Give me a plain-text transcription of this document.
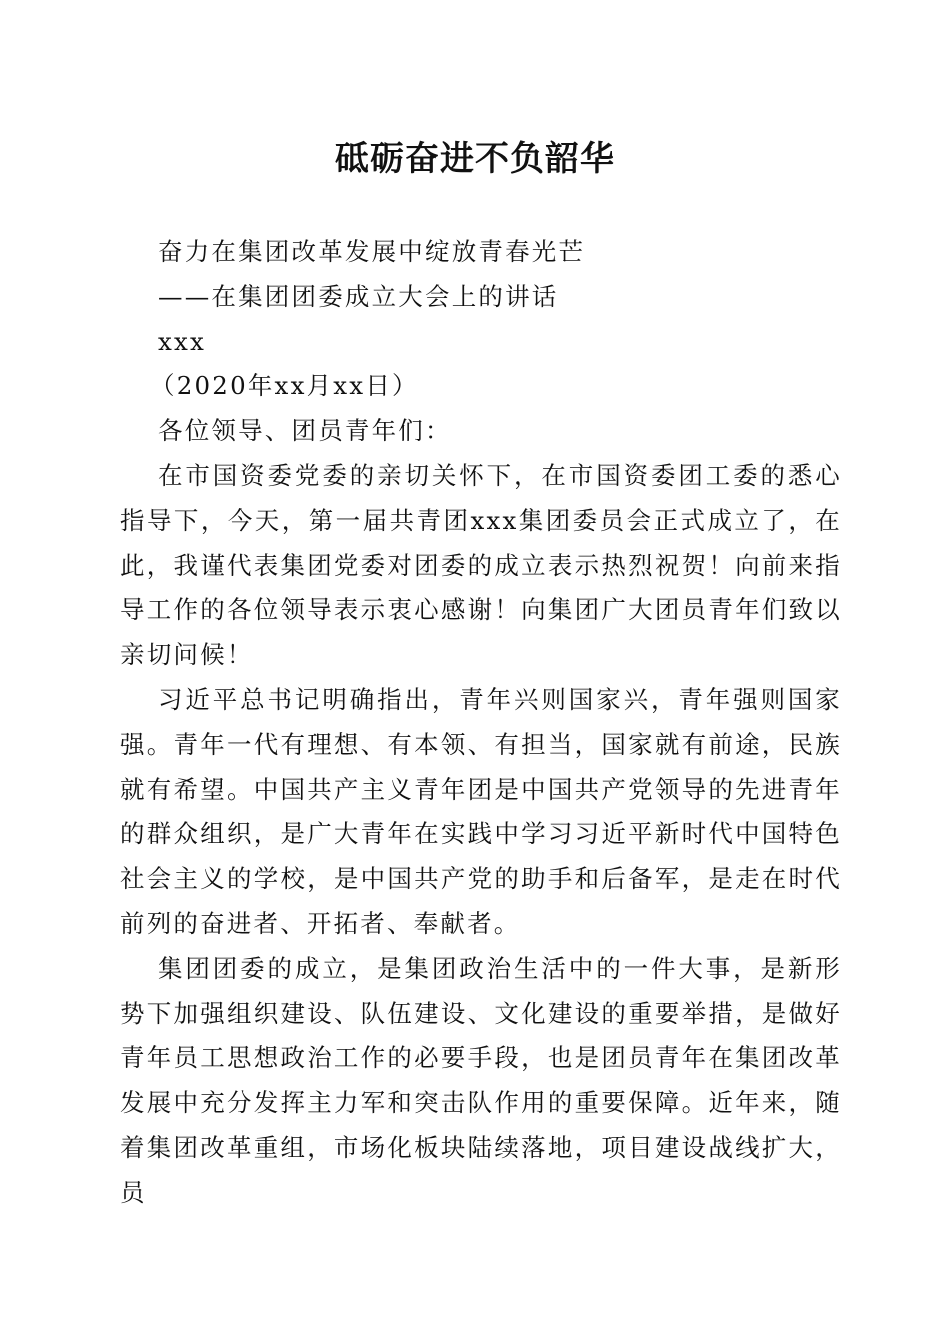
砥砺奋进不负韶华

奋力在集团改革发展中绽放青春光芒

——在集团团委成立大会上的讲话

xxx

（2020年xx月xx日）

各位领导、团员青年们：

在市国资委党委的亲切关怀下，在市国资委团工委的悉心指导下，今天，第一届共青团xxx集团委员会正式成立了，在此，我谨代表集团党委对团委的成立表示热烈祝贺！向前来指导工作的各位领导表示衷心感谢！向集团广大团员青年们致以亲切问候！

习近平总书记明确指出，青年兴则国家兴，青年强则国家强。青年一代有理想、有本领、有担当，国家就有前途，民族就有希望。中国共产主义青年团是中国共产党领导的先进青年的群众组织，是广大青年在实践中学习习近平新时代中国特色社会主义的学校，是中国共产党的助手和后备军，是走在时代前列的奋进者、开拓者、奉献者。

集团团委的成立，是集团政治生活中的一件大事，是新形势下加强组织建设、队伍建设、文化建设的重要举措，是做好青年员工思想政治工作的必要手段，也是团员青年在集团改革发展中充分发挥主力军和突击队作用的重要保障。近年来，随着集团改革重组，市场化板块陆续落地，项目建设战线扩大，员
